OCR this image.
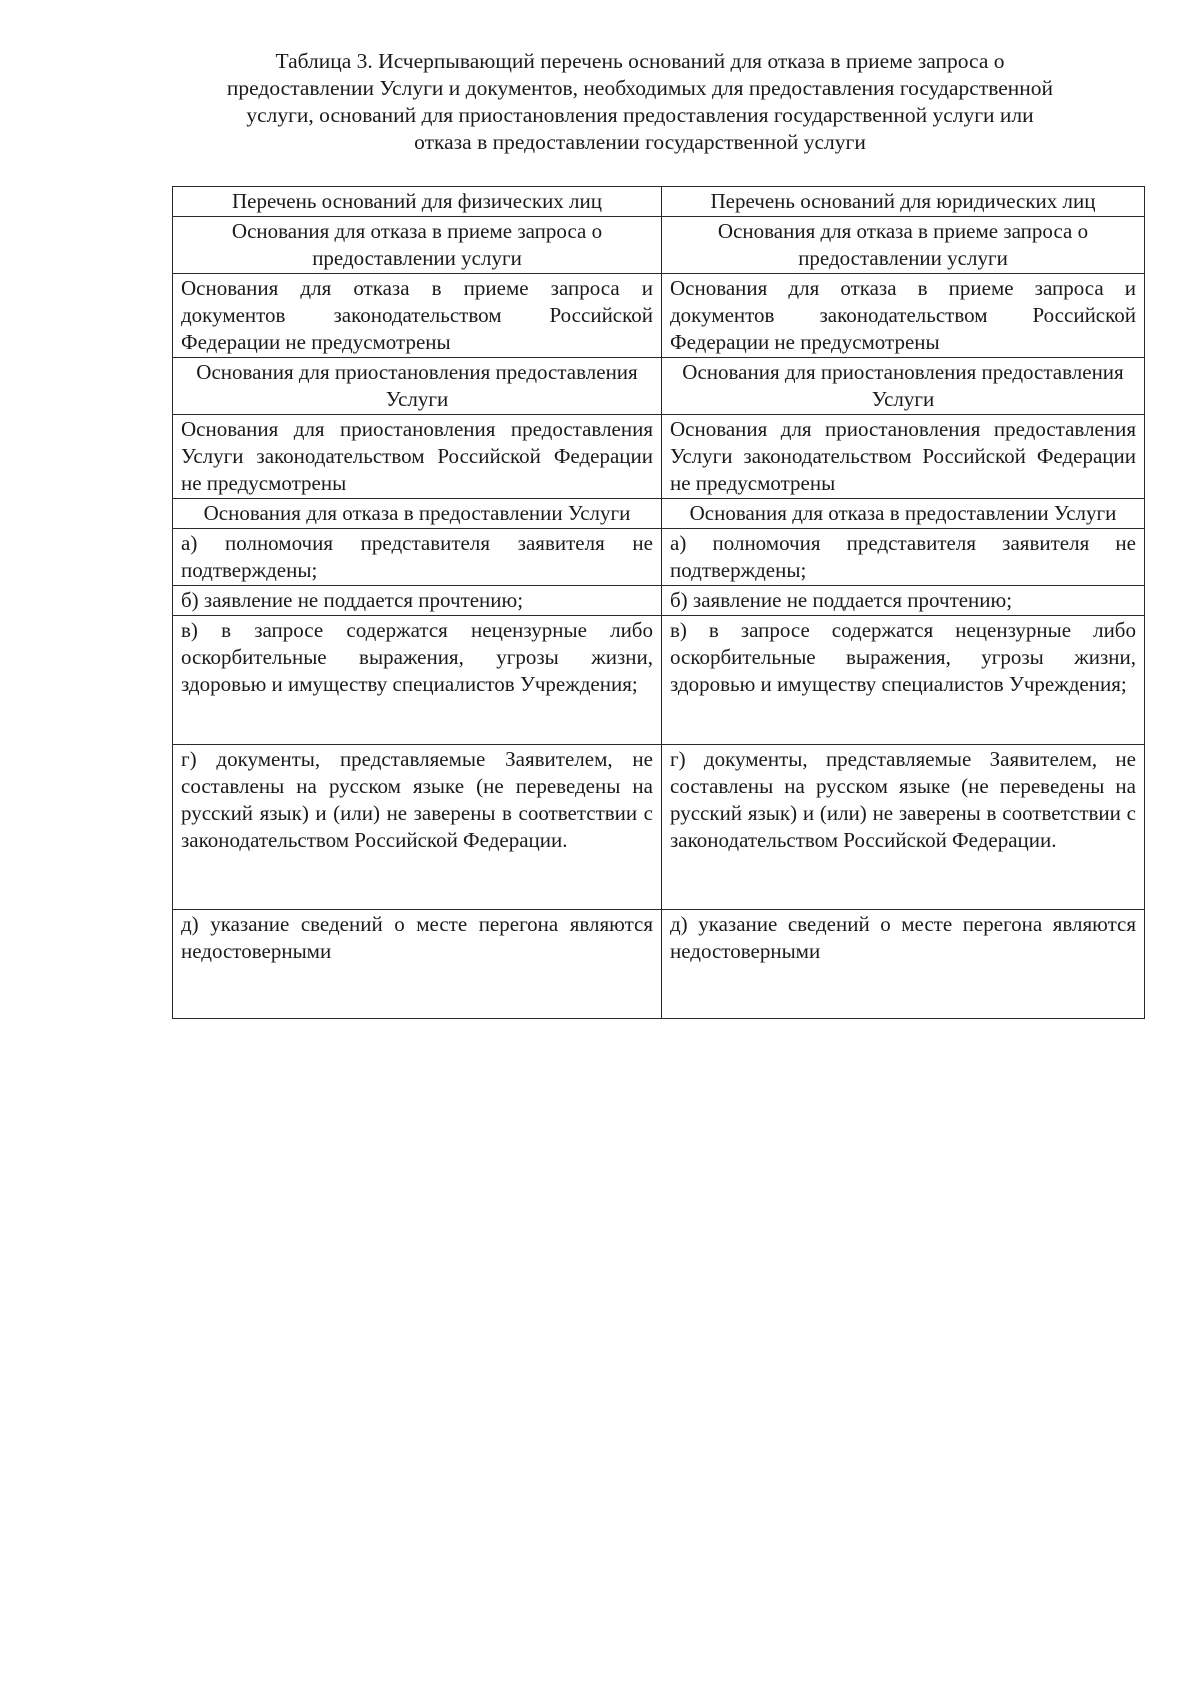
Таблица 3. Исчерпывающий перечень оснований для отказа в приеме запроса о
предоставлении Услуги и документов, необходимых для предоставления государственной
услуги, оснований для приостановления предоставления государственной услуги или
отказа в предоставлении государственной услуги
Перечень оснований для физических лиц	Перечень оснований для юридических лиц
Основания для отказа в приеме запроса о предоставлении услуги	Основания для отказа в приеме запроса о предоставлении услуги
Основания для отказа в приеме запроса и документов законодательством Российской Федерации не предусмотрены	Основания для отказа в приеме запроса и документов законодательством Российской Федерации не предусмотрены
Основания для приостановления предоставления Услуги	Основания для приостановления предоставления Услуги
Основания для приостановления предоставления Услуги законодательством Российской Федерации не предусмотрены	Основания для приостановления предоставления Услуги законодательством Российской Федерации не предусмотрены
Основания для отказа в предоставлении Услуги	Основания для отказа в предоставлении Услуги
а) полномочия представителя заявителя не подтверждены;	а) полномочия представителя заявителя не подтверждены;
б) заявление не поддается прочтению;	б) заявление не поддается прочтению;
в) в запросе содержатся нецензурные либо оскорбительные выражения, угрозы жизни, здоровью и имуществу специалистов Учреждения;	в) в запросе содержатся нецензурные либо оскорбительные выражения, угрозы жизни, здоровью и имуществу специалистов Учреждения;
г) документы, представляемые Заявителем, не составлены на русском языке (не переведены на русский язык) и (или) не заверены в соответствии с законодательством Российской Федерации.	г) документы, представляемые Заявителем, не составлены на русском языке (не переведены на русский язык) и (или) не заверены в соответствии с законодательством Российской Федерации.
д) указание сведений о месте перегона являются недостоверными	д) указание сведений о месте перегона являются недостоверными
